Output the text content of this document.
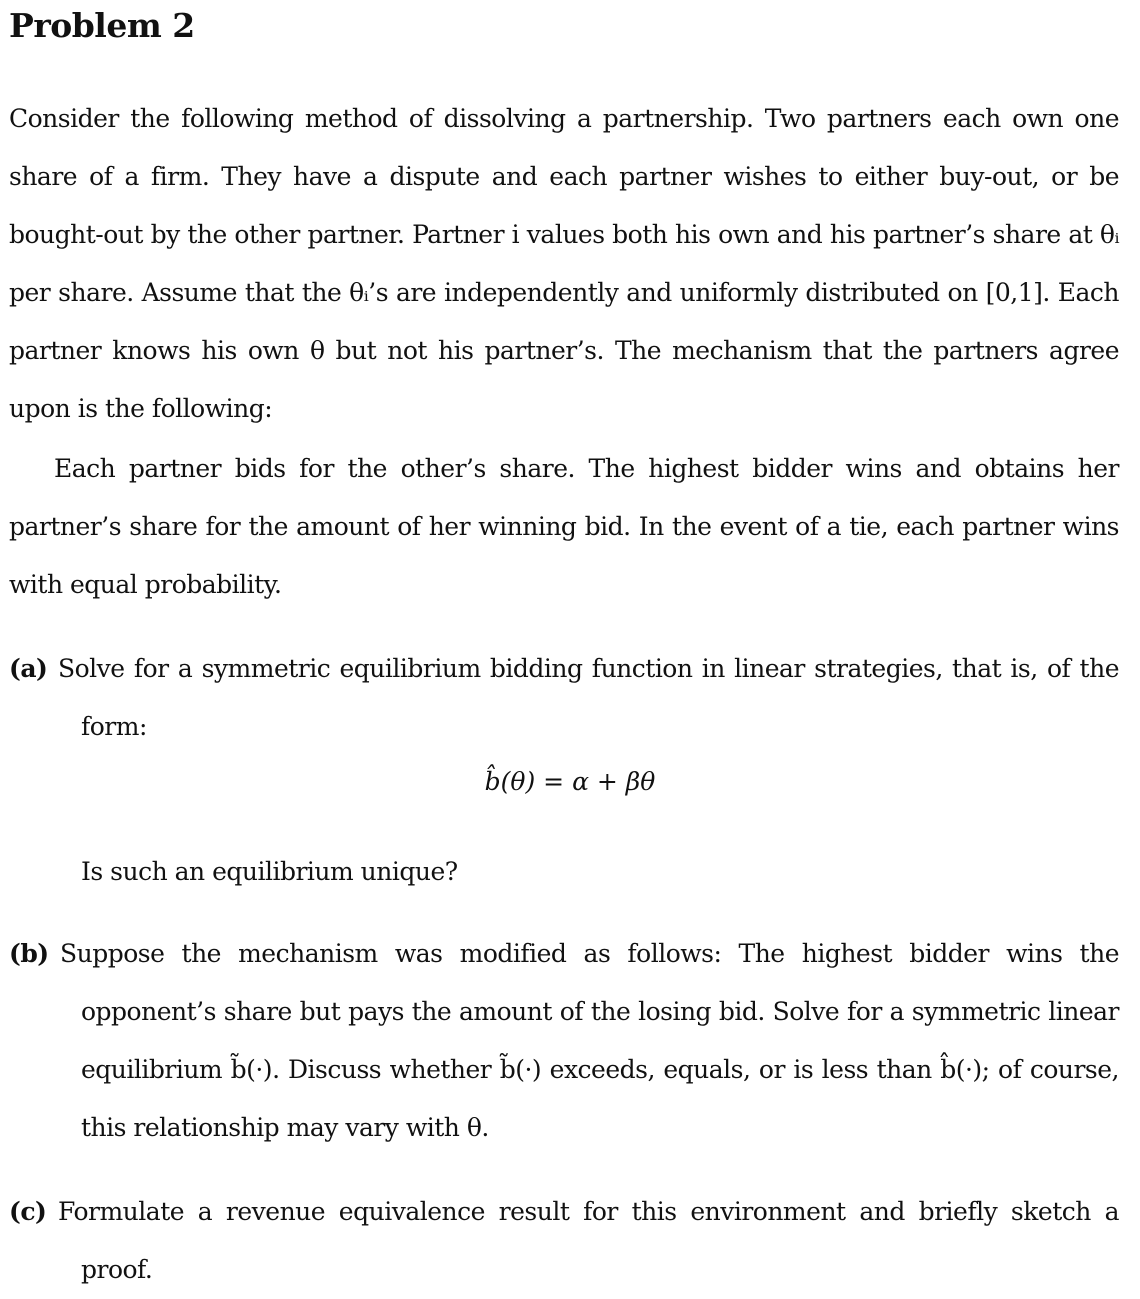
Problem 2

Consider the following method of dissolving a partnership. Two partners each own one share of a firm. They have a dispute and each partner wishes to either buy-out, or be bought-out by the other partner. Partner i values both his own and his partner’s share at θᵢ per share. Assume that the θᵢ’s are independently and uniformly distributed on [0,1]. Each partner knows his own θ but not his partner’s. The mechanism that the partners agree upon is the following:

Each partner bids for the other’s share. The highest bidder wins and obtains her partner’s share for the amount of her winning bid. In the event of a tie, each partner wins with equal probability.

(a) Solve for a symmetric equilibrium bidding function in linear strategies, that is, of the form:
b̂(θ) = α + βθ
Is such an equilibrium unique?
(b) Suppose the mechanism was modified as follows: The highest bidder wins the opponent’s share but pays the amount of the losing bid. Solve for a symmetric linear equilibrium b̃(·). Discuss whether b̃(·) exceeds, equals, or is less than b̂(·); of course, this relationship may vary with θ.
(c) Formulate a revenue equivalence result for this environment and briefly sketch a proof.
